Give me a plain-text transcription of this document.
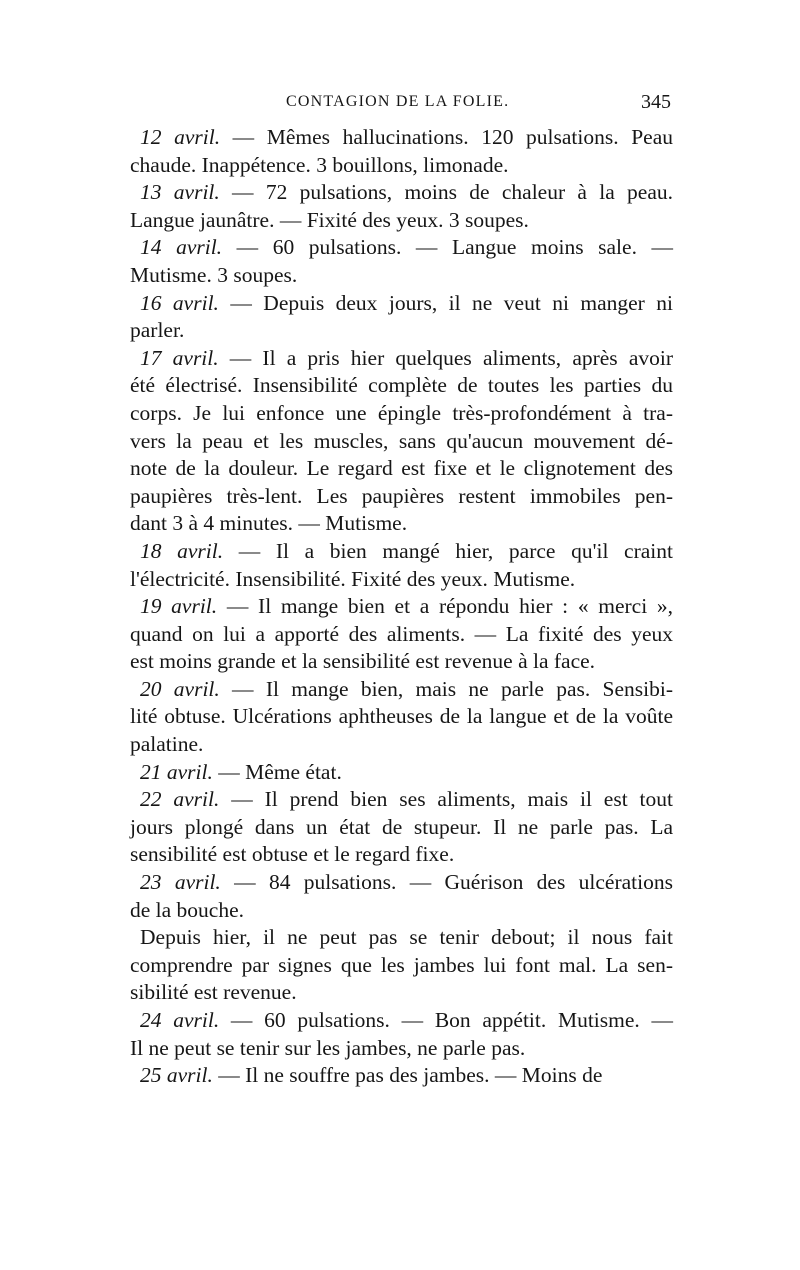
CONTAGION DE LA FOLIE.	345
12 avril. — Mêmes hallucinations. 120 pulsations. Peau
chaude. Inappétence. 3 bouillons, limonade.
13 avril. — 72 pulsations, moins de chaleur à la peau.
Langue jaunâtre. — Fixité des yeux. 3 soupes.
14 avril. — 60 pulsations. — Langue moins sale. —
Mutisme. 3 soupes.
16 avril. — Depuis deux jours, il ne veut ni manger ni
parler.
17 avril. — Il a pris hier quelques aliments, après avoir
été électrisé. Insensibilité complète de toutes les parties du
corps. Je lui enfonce une épingle très-profondément à tra-
vers la peau et les muscles, sans qu'aucun mouvement dé-
note de la douleur. Le regard est fixe et le clignotement des
paupières très-lent. Les paupières restent immobiles pen-
dant 3 à 4 minutes. — Mutisme.
18 avril. — Il a bien mangé hier, parce qu'il craint
l'électricité. Insensibilité. Fixité des yeux. Mutisme.
19 avril. — Il mange bien et a répondu hier : « merci »,
quand on lui a apporté des aliments. — La fixité des yeux
est moins grande et la sensibilité est revenue à la face.
20 avril. — Il mange bien, mais ne parle pas. Sensibi-
lité obtuse. Ulcérations aphtheuses de la langue et de la voûte
palatine.
21 avril. — Même état.
22 avril. — Il prend bien ses aliments, mais il est tout
jours plongé dans un état de stupeur. Il ne parle pas. La
sensibilité est obtuse et le regard fixe.
23 avril. — 84 pulsations. — Guérison des ulcérations
de la bouche.
Depuis hier, il ne peut pas se tenir debout; il nous fait
comprendre par signes que les jambes lui font mal. La sen-
sibilité est revenue.
24 avril. — 60 pulsations. — Bon appétit. Mutisme. —
Il ne peut se tenir sur les jambes, ne parle pas.
25 avril. — Il ne souffre pas des jambes. — Moins de
